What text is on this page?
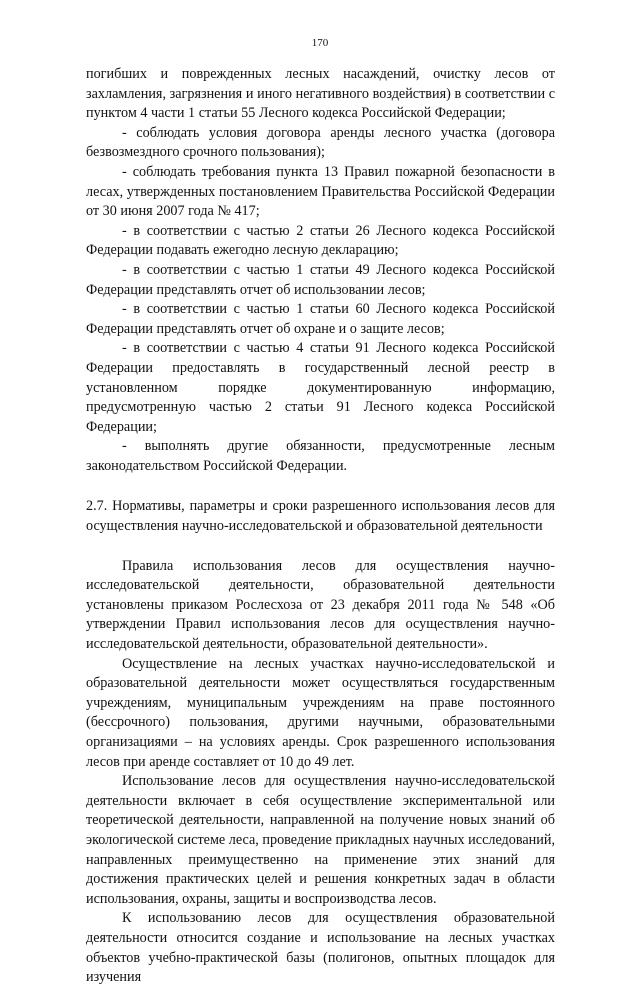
170

погибших и поврежденных лесных насаждений, очистку лесов от захламления, загрязнения и иного негативного воздействия) в соответствии с пунктом 4 части 1 статьи 55 Лесного кодекса Российской Федерации;

- соблюдать условия договора аренды лесного участка (договора безвозмездного срочного пользования);

- соблюдать требования пункта 13 Правил пожарной безопасности в лесах, утвержденных постановлением Правительства Российской Федерации от 30 июня 2007 года № 417;

- в соответствии с частью 2 статьи 26 Лесного кодекса Российской Федерации подавать ежегодно лесную декларацию;

- в соответствии с частью 1 статьи 49 Лесного кодекса Российской Федерации представлять отчет об использовании лесов;

- в соответствии с частью 1 статьи 60 Лесного кодекса Российской Федерации представлять отчет об охране и о защите лесов;

- в соответствии с частью 4 статьи 91 Лесного кодекса Российской Федерации предоставлять в государственный лесной реестр в установленном порядке документированную информацию, предусмотренную частью 2 статьи 91 Лесного кодекса Российской Федерации;

- выполнять другие обязанности, предусмотренные лесным законодательством Российской Федерации.

2.7. Нормативы, параметры и сроки разрешенного использования лесов для осуществления научно-исследовательской и образовательной деятельности

Правила использования лесов для осуществления научно-исследовательской деятельности, образовательной деятельности установлены приказом Рослесхоза от 23 декабря 2011 года № 548 «Об утверждении Правил использования лесов для осуществления научно-исследовательской деятельности, образовательной деятельности».

Осуществление на лесных участках научно-исследовательской и образовательной деятельности может осуществляться государственным учреждениям, муниципальным учреждениям на праве постоянного (бессрочного) пользования, другими научными, образовательными организациями – на условиях аренды. Срок разрешенного использования лесов при аренде составляет от 10 до 49 лет.

Использование лесов для осуществления научно-исследовательской деятельности включает в себя осуществление экспериментальной или теоретической деятельности, направленной на получение новых знаний об экологической системе леса, проведение прикладных научных исследований, направленных преимущественно на применение этих знаний для достижения практических целей и решения конкретных задач в области использования, охраны, защиты и воспроизводства лесов.

К использованию лесов для осуществления образовательной деятельности относится создание и использование на лесных участках объектов учебно-практической базы (полигонов, опытных площадок для изучения
